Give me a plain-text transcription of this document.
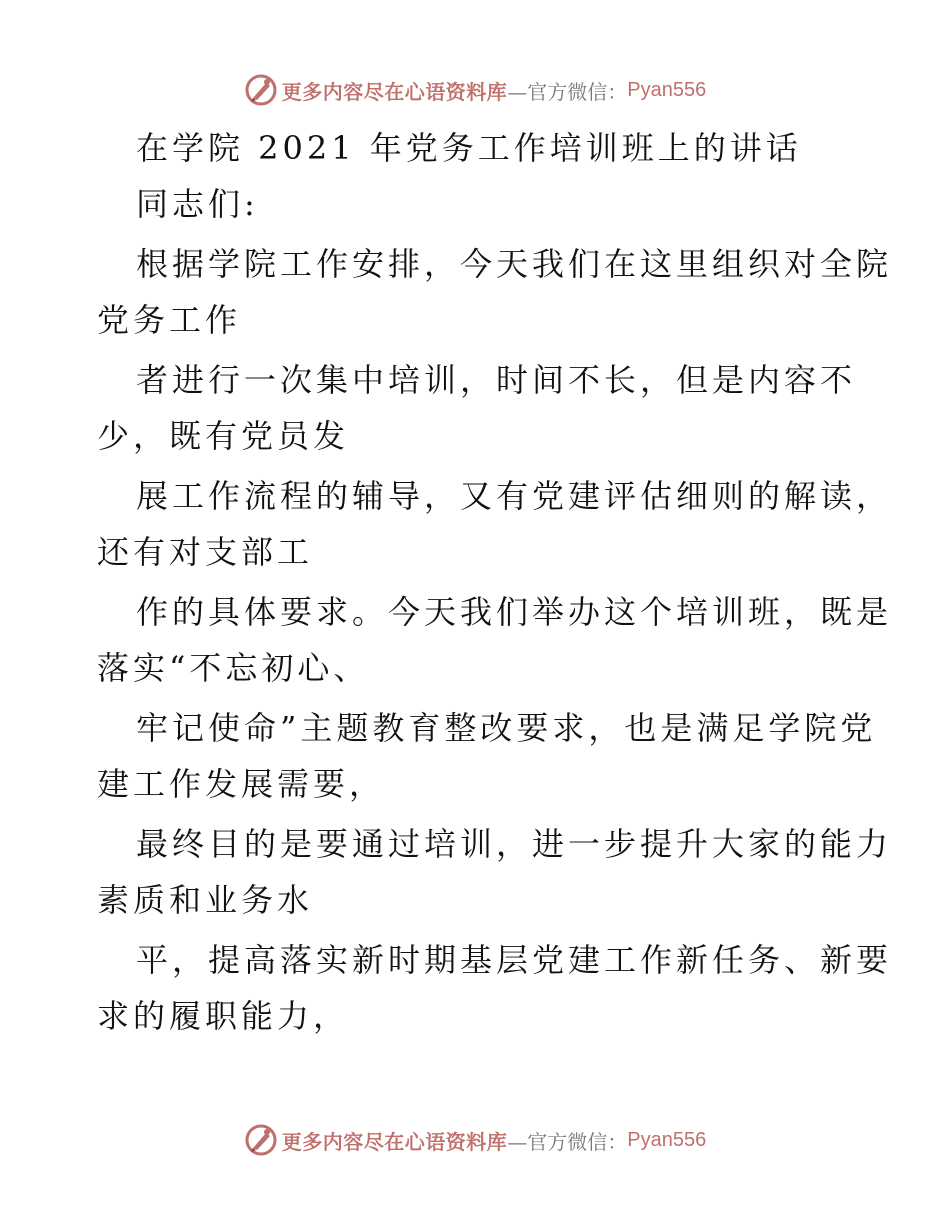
更多内容尽在心语资料库 —官方微信： Pyan556
在学院 2021 年党务工作培训班上的讲话
同志们:
根据学院工作安排，今天我们在这里组织对全院
党务工作
者进行一次集中培训，时间不长，但是内容不
少，既有党员发
展工作流程的辅导，又有党建评估细则的解读，
还有对支部工
作的具体要求。今天我们举办这个培训班，既是
落实“不忘初心、
牢记使命”主题教育整改要求，也是满足学院党
建工作发展需要，
最终目的是要通过培训，进一步提升大家的能力
素质和业务水
平，提高落实新时期基层党建工作新任务、新要
求的履职能力，
更多内容尽在心语资料库 —官方微信： Pyan556
